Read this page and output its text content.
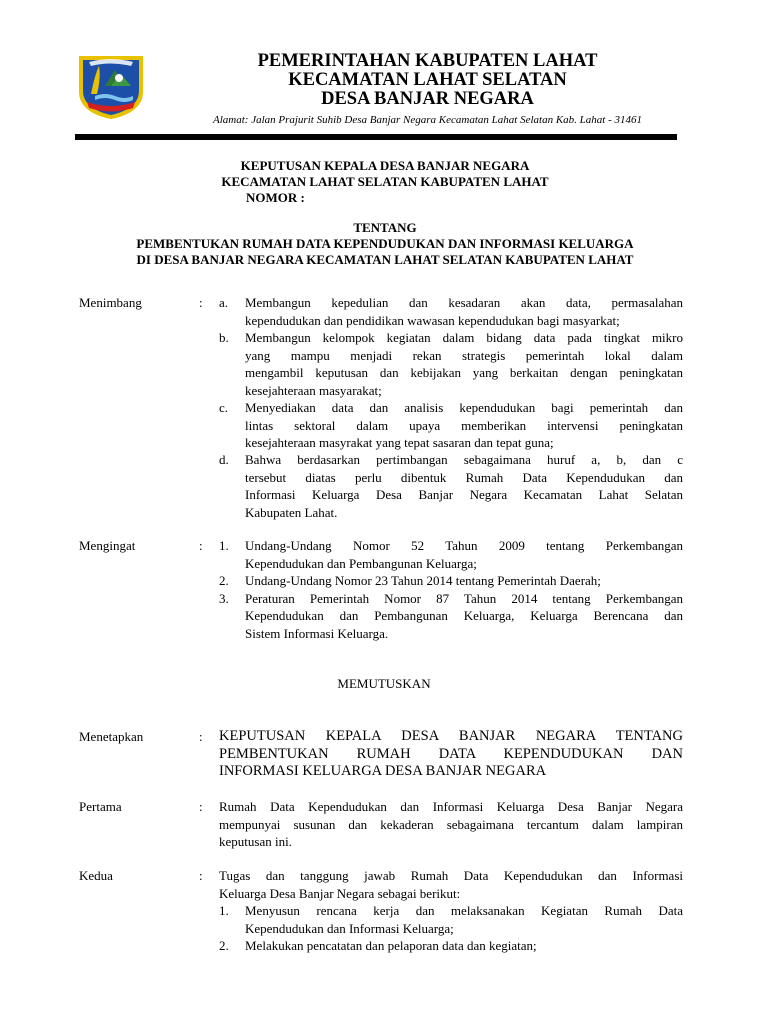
PEMERINTAHAN KABUPATEN LAHAT
KECAMATAN LAHAT SELATAN
DESA BANJAR NEGARA
Alamat: Jalan Prajurit Suhib Desa Banjar Negara Kecamatan Lahat Selatan Kab. Lahat - 31461
KEPUTUSAN KEPALA DESA BANJAR NEGARA
KECAMATAN LAHAT SELATAN KABUPATEN LAHAT
NOMOR :
TENTANG
PEMBENTUKAN RUMAH DATA KEPENDUDUKAN DAN INFORMASI KELUARGA
DI DESA BANJAR NEGARA KECAMATAN LAHAT SELATAN KABUPATEN LAHAT
Menimbang	: a. Membangun kepedulian dan kesadaran akan data, permasalahan
kependudukan dan pendidikan wawasan kependudukan bagi masyarkat;
b. Membangun kelompok kegiatan dalam bidang data pada tingkat mikro
yang mampu menjadi rekan strategis pemerintah lokal dalam
mengambil keputusan dan kebijakan yang berkaitan dengan peningkatan
kesejahteraan masyarakat;
c. Menyediakan data dan analisis kependudukan bagi pemerintah dan
lintas sektoral dalam upaya memberikan intervensi peningkatan
kesejahteraan masyrakat yang tepat sasaran dan tepat guna;
d. Bahwa berdasarkan pertimbangan sebagaimana huruf a, b, dan c
tersebut diatas perlu dibentuk Rumah Data Kependudukan dan
Informasi Keluarga Desa Banjar Negara Kecamatan Lahat Selatan
Kabupaten Lahat.
Mengingat	: 1. Undang-Undang Nomor 52 Tahun 2009 tentang Perkembangan
Kependudukan dan Pembangunan Keluarga;
2. Undang-Undang Nomor 23 Tahun 2014 tentang Pemerintah Daerah;
3. Peraturan Pemerintah Nomor 87 Tahun 2014 tentang Perkembangan
Kependudukan dan Pembangunan Keluarga, Keluarga Berencana dan
Sistem Informasi Keluarga.
MEMUTUSKAN
Menetapkan	: KEPUTUSAN KEPALA DESA BANJAR NEGARA TENTANG
PEMBENTUKAN RUMAH DATA KEPENDUDUKAN DAN
INFORMASI KELUARGA DESA BANJAR NEGARA
Pertama	: Rumah Data Kependudukan dan Informasi Keluarga Desa Banjar Negara
mempunyai susunan dan kekaderan sebagaimana tercantum dalam lampiran
keputusan ini.
Kedua	: Tugas dan tanggung jawab Rumah Data Kependudukan dan Informasi
Keluarga Desa Banjar Negara sebagai berikut:
1. Menyusun rencana kerja dan melaksanakan Kegiatan Rumah Data
Kependudukan dan Informasi Keluarga;
2. Melakukan pencatatan dan pelaporan data dan kegiatan;
